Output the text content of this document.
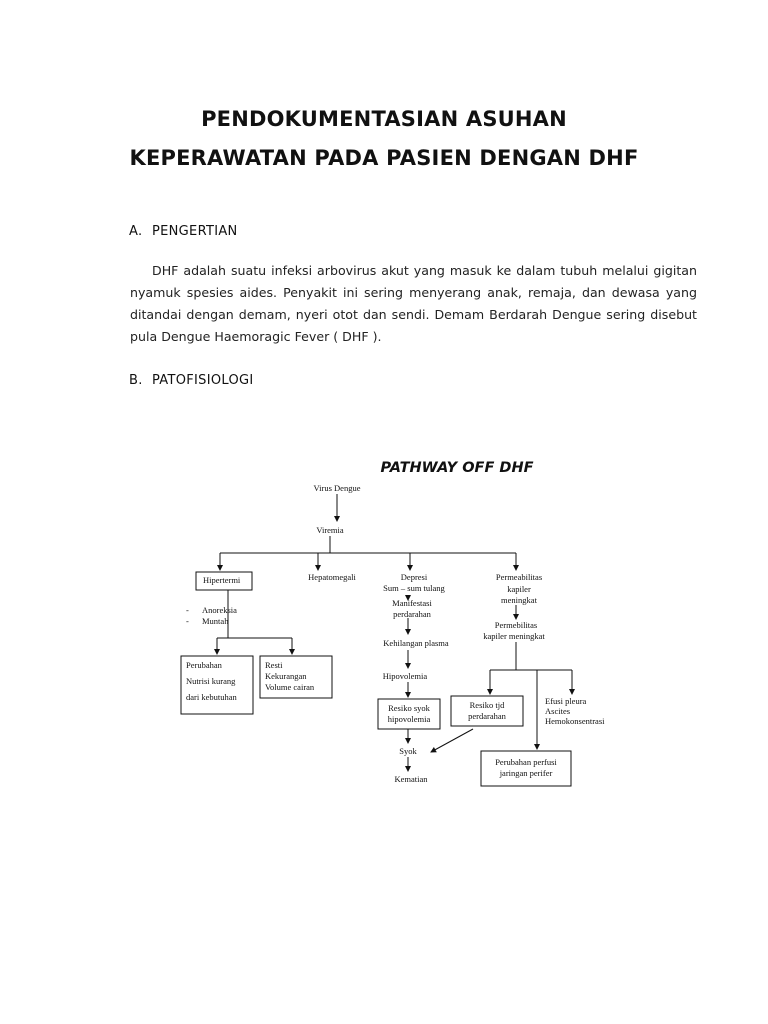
PENDOKUMENTASIAN ASUHAN
KEPERAWATAN PADA PASIEN DENGAN DHF
A. PENGERTIAN
DHF adalah suatu infeksi arbovirus akut yang masuk ke dalam tubuh melalui gigitan
nyamuk spesies aides. Penyakit ini sering menyerang anak, remaja, dan dewasa yang
ditandai dengan demam, nyeri otot dan sendi. Demam Berdarah Dengue sering disebut
pula Dengue Haemoragic Fever ( DHF ).
B. PATOFISIOLOGI
PATHWAY OFF DHF
Virus Dengue
Viremia
Hipertermi	Hepatomegali	Depresi
Sum – sum tulang
Permeabilitas
kapiler
meningkat
- Anoreksia
- Muntah
Manifestasi
perdarahan
Permebilitas
kapiler meningkat
Kehilangan plasma
Perubahan
Nutrisi kurang
dari kebutuhan
Resti
Kekurangan
Volume cairan
Hipovolemia
Resiko syok
hipovolemia
Resiko tjd
perdarahan
Efusi pleura
Ascites
Hemokonsentrasi
Syok
Perubahan perfusi
jaringan perifer
Kematian
